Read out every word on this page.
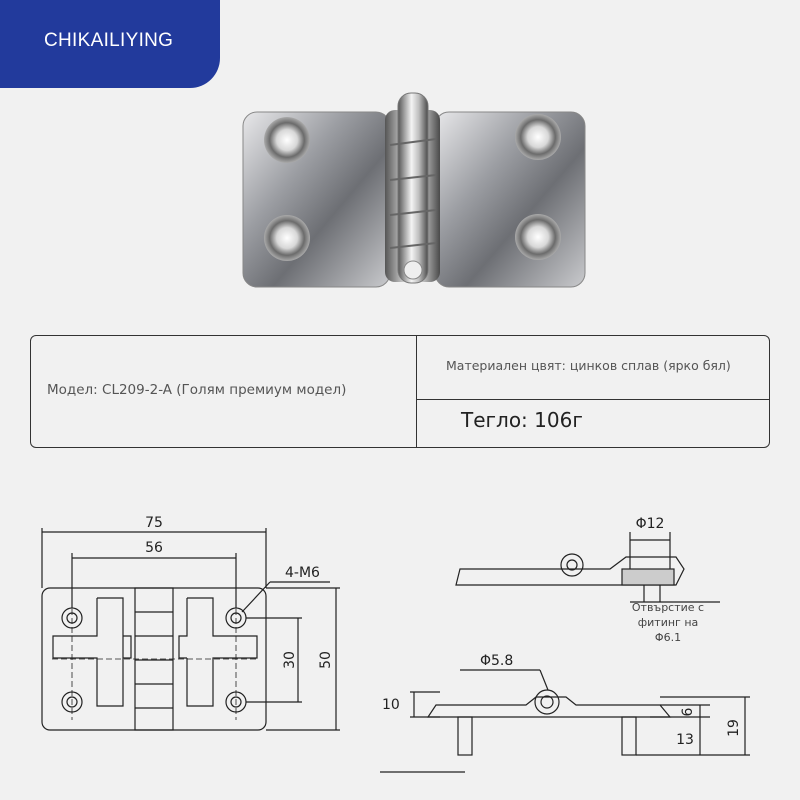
CHIKAILIYING
Модел: CL209-2-A (Голям премиум модел)
Материален цвят: цинков сплав (ярко бял)
Тегло: 106г
75
56
4-M6
30 50
Φ12
Отвърстие с
фитинг на
Φ6.1
Φ5.8
10	6
13
19
